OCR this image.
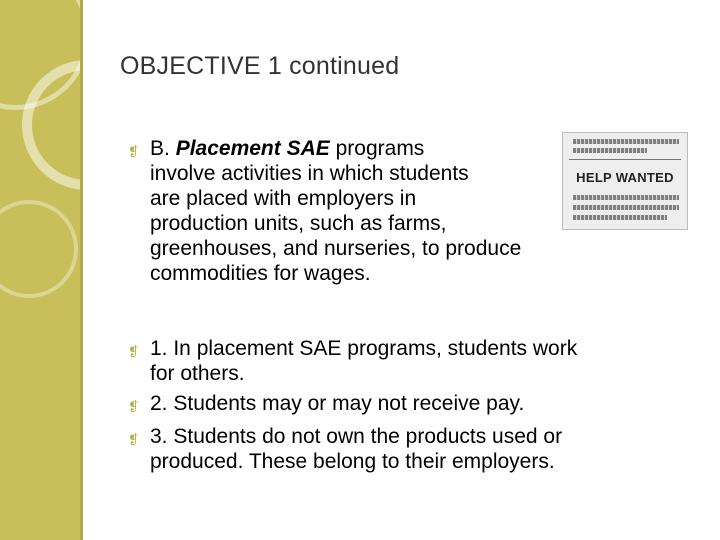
OBJECTIVE 1 continued
❡ B. Placement SAE programs
involve activities in which students
are placed with employers in
production units, such as farms,
greenhouses, and nurseries, to produce
commodities for wages.
HELP WANTED
❡ 1. In placement SAE programs, students work
for others.
❡ 2. Students may or may not receive pay.
❡ 3. Students do not own the products used or
produced. These belong to their employers.
